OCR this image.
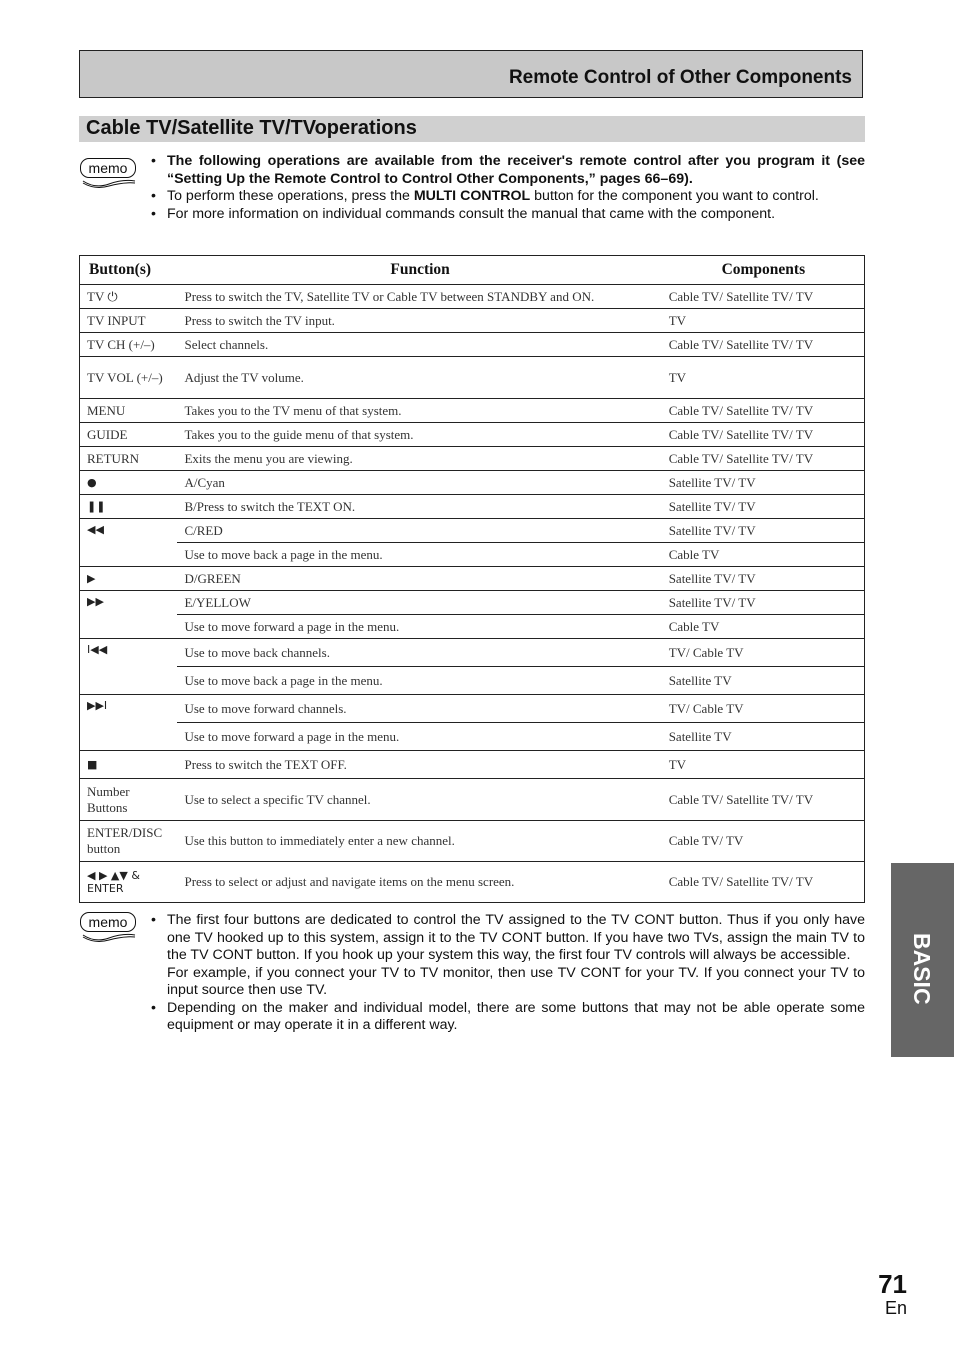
Remote Control of Other Components
Cable TV/Satellite TV/TVoperations
memo	• The following operations are available from the receiver's remote control after you program it (see “Setting Up the Remote Control to Control Other Components,” pages 66–69).
• To perform these operations, press the MULTI CONTROL button for the component you want to control.
• For more information on individual commands consult the manual that came with the component.
Button(s)	Function	Components
TV ⏻	Press to switch the TV, Satellite TV or Cable TV between STANDBY and ON.	Cable TV/ Satellite TV/ TV
TV INPUT	Press to switch the TV input.	TV
TV CH (+/–)	Select channels.	Cable TV/ Satellite TV/ TV
TV VOL (+/–)	Adjust the TV volume.	TV
MENU	Takes you to the TV menu of that system.	Cable TV/ Satellite TV/ TV
GUIDE	Takes you to the guide menu of that system.	Cable TV/ Satellite TV/ TV
RETURN	Exits the menu you are viewing.	Cable TV/ Satellite TV/ TV
●	A/Cyan	Satellite TV/ TV
❚❚	B/Press to switch the TEXT ON.	Satellite TV/ TV
◀◀	C/RED	Satellite TV/ TV
	Use to move back a page in the menu.	Cable TV
▶	D/GREEN	Satellite TV/ TV
▶▶	E/YELLOW	Satellite TV/ TV
	Use to move forward a page in the menu.	Cable TV
I◀◀	Use to move back channels.	TV/ Cable TV
	Use to move back a page in the menu.	Satellite TV
▶▶I	Use to move forward channels.	TV/ Cable TV
	Use to move forward a page in the menu.	Satellite TV
■	Press to switch the TEXT OFF.	TV
Number Buttons	Use to select a specific TV channel.	Cable TV/ Satellite TV/ TV
ENTER/DISC button	Use this button to immediately enter a new channel.	Cable TV/ TV
◀ ▶ ▲▼ & ENTER	Press to select or adjust and navigate items on the menu screen.	Cable TV/ Satellite TV/ TV
memo	• The first four buttons are dedicated to control the TV assigned to the TV CONT button. Thus if you only have one TV hooked up to this system, assign it to the TV CONT button. If you have two TVs, assign the main TV to the TV CONT button. If you hook up your system this way, the first four TV controls will always be accessible.
For example, if you connect your TV to TV monitor, then use TV CONT for your TV. If you connect your TV to input source then use TV.
• Depending on the maker and individual model, there are some buttons that may not be able operate some equipment or may operate it in a different way.
BASIC
71
En
